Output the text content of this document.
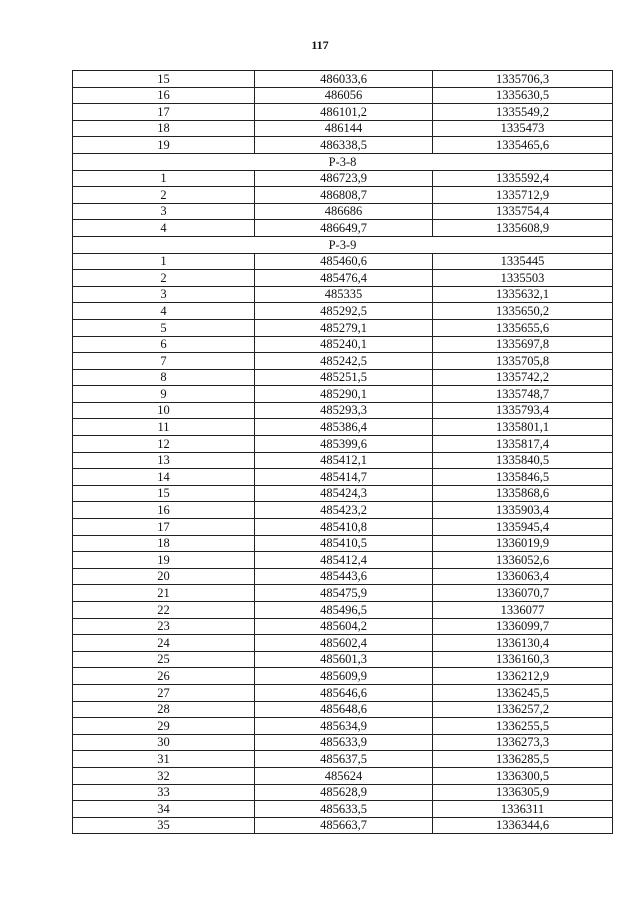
117
15	486033,6	1335706,3
16	486056	1335630,5
17	486101,2	1335549,2
18	486144	1335473
19	486338,5	1335465,6
Р-3-8		
1	486723,9	1335592,4
2	486808,7	1335712,9
3	486686	1335754,4
4	486649,7	1335608,9
Р-3-9		
1	485460,6	1335445
2	485476,4	1335503
3	485335	1335632,1
4	485292,5	1335650,2
5	485279,1	1335655,6
6	485240,1	1335697,8
7	485242,5	1335705,8
8	485251,5	1335742,2
9	485290,1	1335748,7
10	485293,3	1335793,4
11	485386,4	1335801,1
12	485399,6	1335817,4
13	485412,1	1335840,5
14	485414,7	1335846,5
15	485424,3	1335868,6
16	485423,2	1335903,4
17	485410,8	1335945,4
18	485410,5	1336019,9
19	485412,4	1336052,6
20	485443,6	1336063,4
21	485475,9	1336070,7
22	485496,5	1336077
23	485604,2	1336099,7
24	485602,4	1336130,4
25	485601,3	1336160,3
26	485609,9	1336212,9
27	485646,6	1336245,5
28	485648,6	1336257,2
29	485634,9	1336255,5
30	485633,9	1336273,3
31	485637,5	1336285,5
32	485624	1336300,5
33	485628,9	1336305,9
34	485633,5	1336311
35	485663,7	1336344,6
